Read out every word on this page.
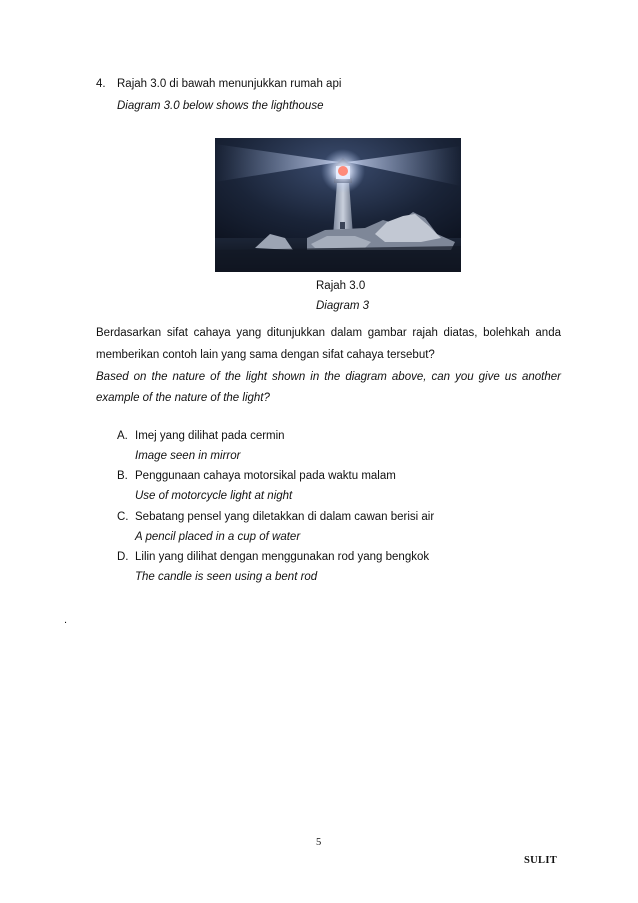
4. Rajah 3.0 di bawah menunjukkan rumah api
Diagram 3.0 below shows the lighthouse
Rajah 3.0
Diagram 3
Berdasarkan sifat cahaya yang ditunjukkan dalam gambar rajah diatas, bolehkah anda
memberikan contoh lain yang sama dengan sifat cahaya tersebut?
Based on the nature of the light shown in the diagram above, can you give us another
example of the nature of the light?
A. Imej yang dilihat pada cermin
Image seen in mirror
B. Penggunaan cahaya motorsikal pada waktu malam
Use of motorcycle light at night
C. Sebatang pensel yang diletakkan di dalam cawan berisi air
A pencil placed in a cup of water
D. Lilin yang dilihat dengan menggunakan rod yang bengkok
The candle is seen using a bent rod
.
5
SULIT
